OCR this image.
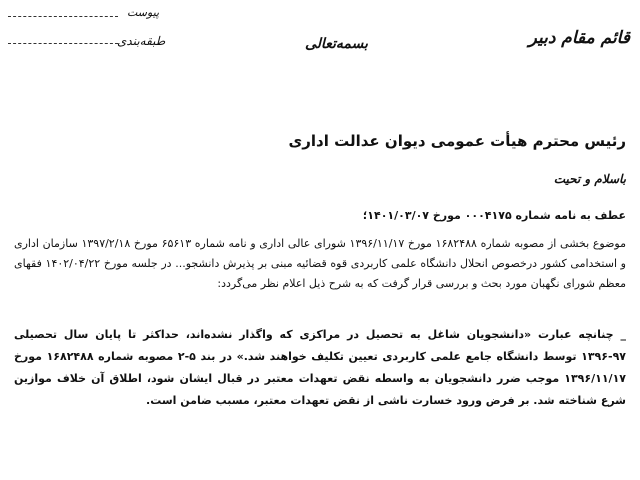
پیوست
طبقه‌بندی	قائم مقام دبیر
بسمه‌تعالی
رئیس محترم هیأت عمومی دیوان عدالت اداری
باسلام و تحیت
عطف به نامه شماره ۰۰۰۴۱۷۵ مورخ ۱۴۰۱/۰۳/۰۷؛
موضوع بخشی از مصوبه شماره ۱۶۸۲۴۸۸ مورخ ۱۳۹۶/۱۱/۱۷ شورای عالی اداری و نامه شماره ۶۵۶۱۳ مورخ ۱۳۹۷/۲/۱۸ سازمان اداری و استخدامی کشور درخصوص انحلال دانشگاه علمی کاربردی قوه قضائیه مبنی بر پذیرش دانشجو... در جلسه مورخ ۱۴۰۲/۰۴/۲۲ فقهای معظم شورای نگهبان مورد بحث و بررسی قرار گرفت که به شرح ذیل اعلام نظر می‌گردد:
_ چنانچه عبارت «دانشجویان شاغل به تحصیل در مراکزی که واگذار نشده‌اند، حداکثر تا پایان سال تحصیلی ۹۷-۱۳۹۶ توسط دانشگاه جامع علمی کاربردی تعیین تکلیف خواهند شد.» در بند ۵-۲ مصوبه شماره ۱۶۸۲۴۸۸ مورخ ۱۳۹۶/۱۱/۱۷ موجب ضرر دانشجویان به واسطه نقض تعهدات معتبر در قبال ایشان شود، اطلاق آن خلاف موازین شرع شناخته شد. بر فرض ورود خسارت ناشی از نقض تعهدات معتبر، مسبب ضامن است.
